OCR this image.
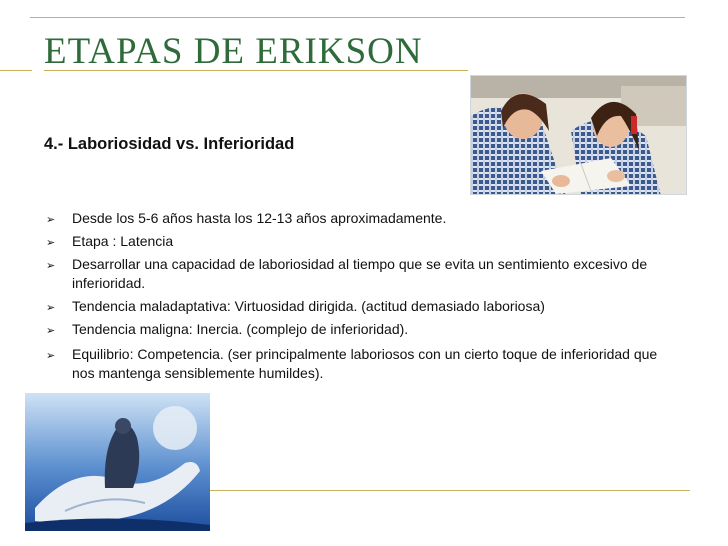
ETAPAS DE ERIKSON
4.- Laboriosidad vs. Inferioridad
➢ Desde los 5-6 años hasta los 12-13 años aproximadamente.
➢ Etapa : Latencia
➢ Desarrollar una capacidad de laboriosidad al tiempo que se evita un sentimiento excesivo de inferioridad.
➢ Tendencia maladaptativa: Virtuosidad dirigida. (actitud demasiado laboriosa)
➢ Tendencia maligna: Inercia. (complejo de inferioridad).
➢ Equilibrio: Competencia. (ser principalmente laboriosos con un cierto toque de inferioridad que nos mantenga sensiblemente humildes).
